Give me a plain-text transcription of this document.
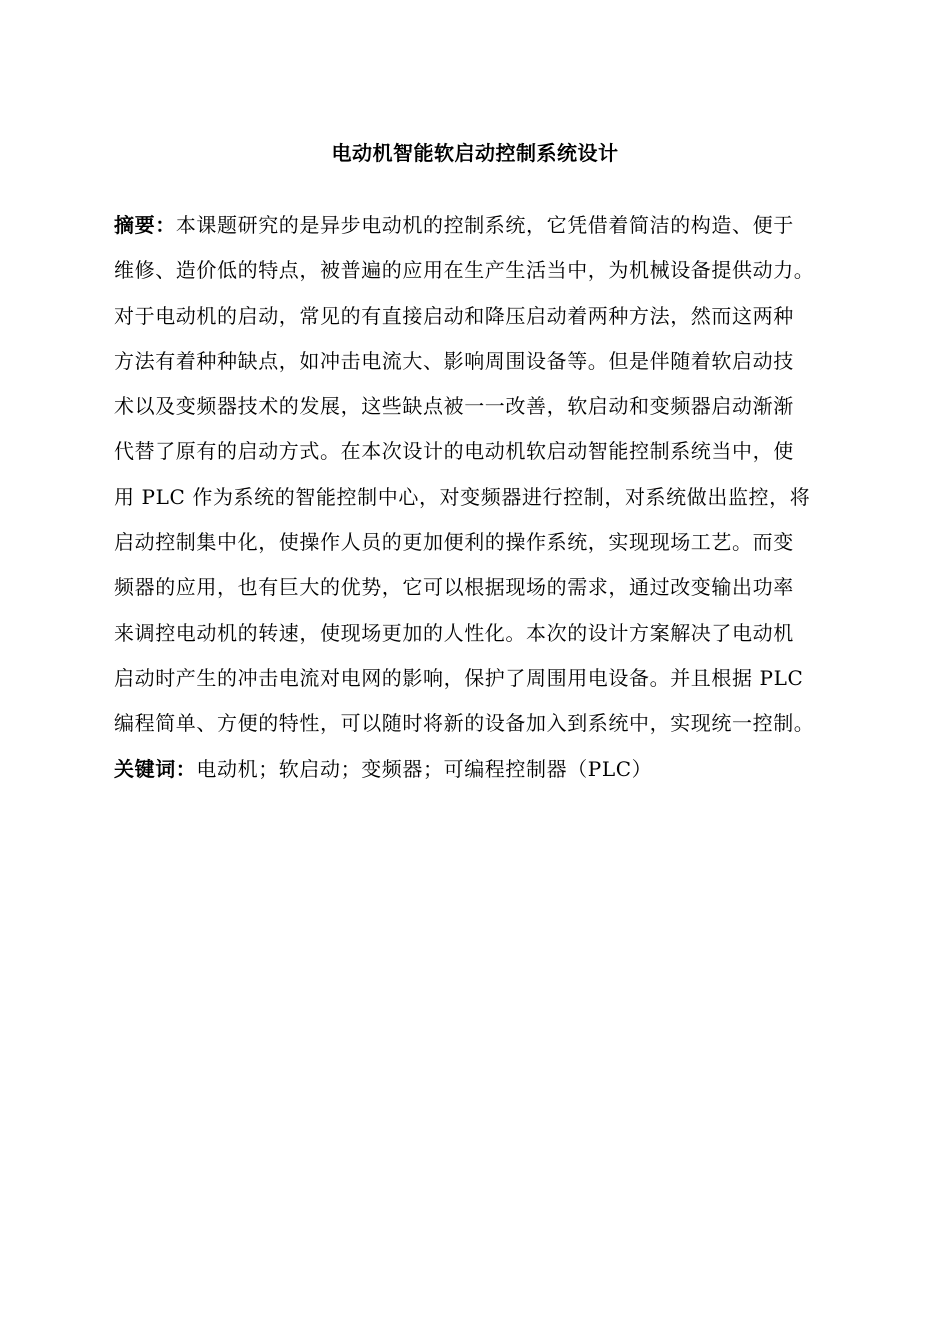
电动机智能软启动控制系统设计
摘要：本课题研究的是异步电动机的控制系统，它凭借着简洁的构造、便于
维修、造价低的特点，被普遍的应用在生产生活当中，为机械设备提供动力。
对于电动机的启动，常见的有直接启动和降压启动着两种方法，然而这两种
方法有着种种缺点，如冲击电流大、影响周围设备等。但是伴随着软启动技
术以及变频器技术的发展，这些缺点被一一改善，软启动和变频器启动渐渐
代替了原有的启动方式。在本次设计的电动机软启动智能控制系统当中，使
用 PLC 作为系统的智能控制中心，对变频器进行控制，对系统做出监控，将
启动控制集中化，使操作人员的更加便利的操作系统，实现现场工艺。而变
频器的应用，也有巨大的优势，它可以根据现场的需求，通过改变输出功率
来调控电动机的转速，使现场更加的人性化。本次的设计方案解决了电动机
启动时产生的冲击电流对电网的影响，保护了周围用电设备。并且根据 PLC
编程简单、方便的特性，可以随时将新的设备加入到系统中，实现统一控制。
关键词：电动机；软启动；变频器；可编程控制器（PLC）
